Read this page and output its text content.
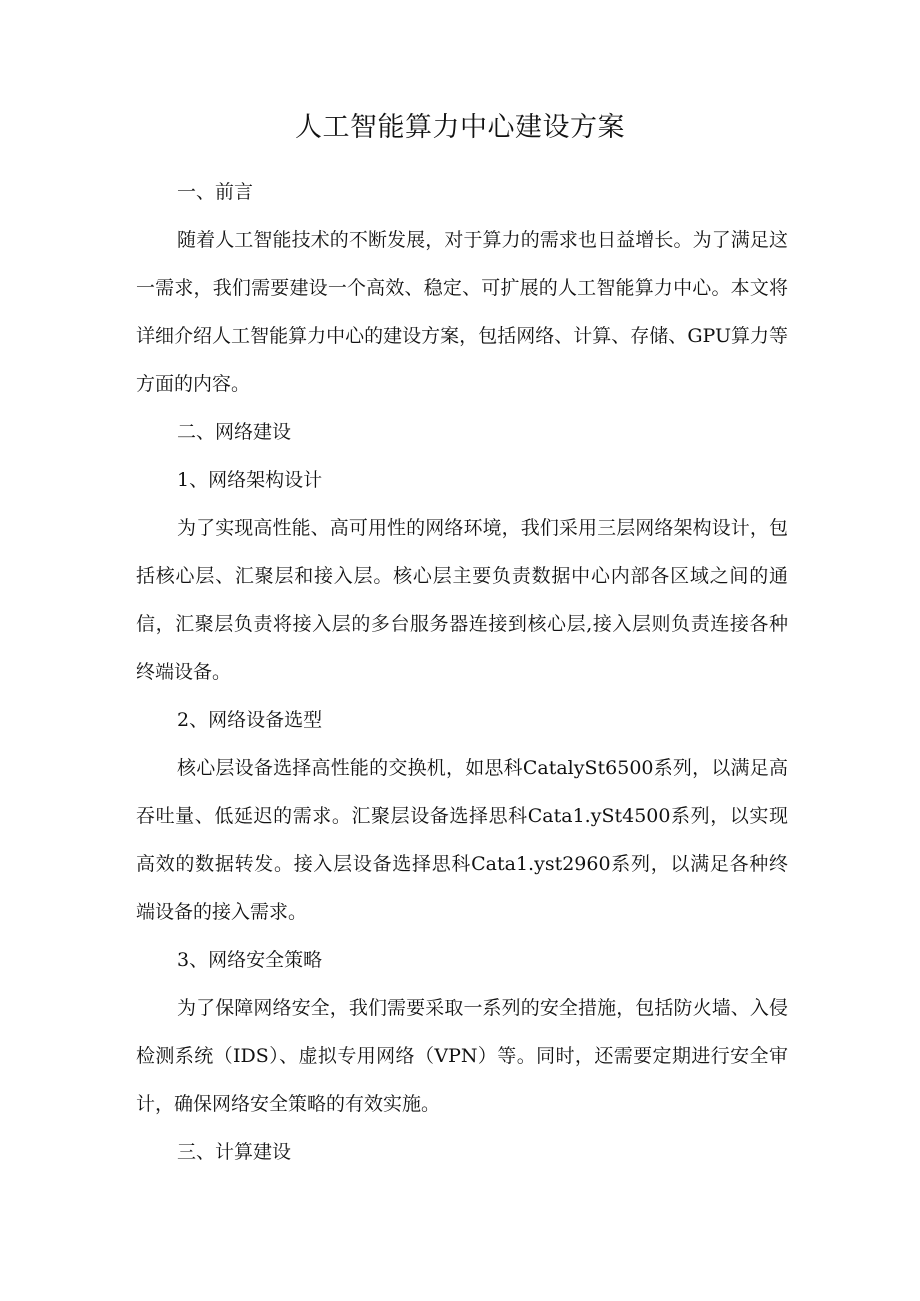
人工智能算力中心建设方案
一、前言

随着人工智能技术的不断发展，对于算力的需求也日益增长。为了满足这一需求，我们需要建设一个高效、稳定、可扩展的人工智能算力中心。本文将详细介绍人工智能算力中心的建设方案，包括网络、计算、存储、GPU算力等方面的内容。

二、网络建设
1、网络架构设计

为了实现高性能、高可用性的网络环境，我们采用三层网络架构设计，包括核心层、汇聚层和接入层。核心层主要负责数据中心内部各区域之间的通信，汇聚层负责将接入层的多台服务器连接到核心层,接入层则负责连接各种终端设备。

2、网络设备选型

核心层设备选择高性能的交换机，如思科CatalySt6500系列，以满足高吞吐量、低延迟的需求。汇聚层设备选择思科Cata1.ySt4500系列，以实现高效的数据转发。接入层设备选择思科Cata1.yst2960系列，以满足各种终端设备的接入需求。

3、网络安全策略

为了保障网络安全，我们需要采取一系列的安全措施，包括防火墙、入侵检测系统（IDS）、虚拟专用网络（VPN）等。同时，还需要定期进行安全审计，确保网络安全策略的有效实施。

三、计算建设
